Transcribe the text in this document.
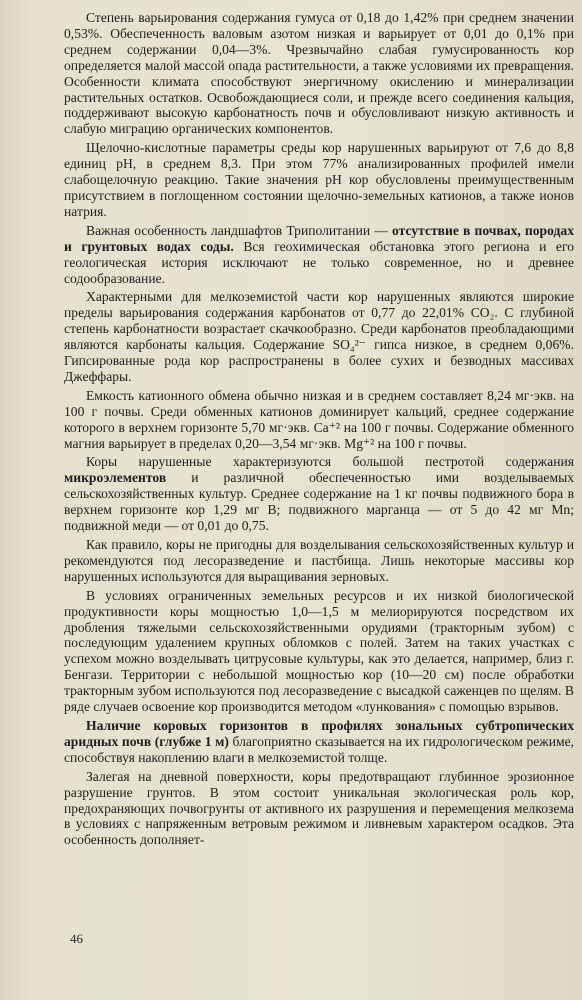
Степень варьирования содержания гумуса от 0,18 до 1,42% при среднем значении 0,53%. Обеспеченность валовым азотом низкая и варьирует от 0,01 до 0,1% при среднем содержании 0,04—3%. Чрезвычайно слабая гумусированность кор определяется малой массой опада растительности, а также условиями их превращения. Особенности климата способствуют энергичному окислению и минерализации растительных остатков. Освобождающиеся соли, и прежде всего соединения кальция, поддерживают высокую карбонатность почв и обусловливают низкую активность и слабую миграцию органических компонентов.

Щелочно-кислотные параметры среды кор нарушенных варьируют от 7,6 до 8,8 единиц pH, в среднем 8,3. При этом 77% анализированных профилей имели слабощелочную реакцию. Такие значения pH кор обусловлены преимущественным присутствием в поглощенном состоянии щелочно-земельных катионов, а также ионов натрия.

Важная особенность ландшафтов Триполитании — отсутствие в почвах, породах и грунтовых водах соды. Вся геохимическая обстановка этого региона и его геологическая история исключают не только современное, но и древнее содообразование.

Характерными для мелкоземистой части кор нарушенных являются широкие пределы варьирования содержания карбонатов от 0,77 до 22,01% CO₂. С глубиной степень карбонатности возрастает скачкообразно. Среди карбонатов преобладающими являются карбонаты кальция. Содержание SO₄²⁻ гипса низкое, в среднем 0,06%. Гипсированные рода кор распространены в более сухих и безводных массивах Джеффары.

Емкость катионного обмена обычно низкая и в среднем составляет 8,24 мг·экв. на 100 г почвы. Среди обменных катионов доминирует кальций, среднее содержание которого в верхнем горизонте 5,70 мг·экв. Ca⁺² на 100 г почвы. Содержание обменного магния варьирует в пределах 0,20—3,54 мг·экв. Mg⁺² на 100 г почвы.

Коры нарушенные характеризуются большой пестротой содержания микроэлементов и различной обеспеченностью ими возделываемых сельскохозяйственных культур. Среднее содержание на 1 кг почвы подвижного бора в верхнем горизонте кор 1,29 мг B; подвижного марганца — от 5 до 42 мг Mn; подвижной меди — от 0,01 до 0,75.

Как правило, коры не пригодны для возделывания сельскохозяйственных культур и рекомендуются под лесоразведение и пастбища. Лишь некоторые массивы кор нарушенных используются для выращивания зерновых.

В условиях ограниченных земельных ресурсов и их низкой биологической продуктивности коры мощностью 1,0—1,5 м мелиорируются посредством их дробления тяжелыми сельскохозяйственными орудиями (тракторным зубом) с последующим удалением крупных обломков с полей. Затем на таких участках с успехом можно возделывать цитрусовые культуры, как это делается, например, близ г. Бенгази. Территории с небольшой мощностью кор (10—20 см) после обработки тракторным зубом используются под лесоразведение с высадкой саженцев по щелям. В ряде случаев освоение кор производится методом «лункования» с помощью взрывов.

Наличие коровых горизонтов в профилях зональных субтропических аридных почв (глубже 1 м) благоприятно сказывается на их гидрологическом режиме, способствуя накоплению влаги в мелкоземистой толще.

Залегая на дневной поверхности, коры предотвращают глубинное эрозионное разрушение грунтов. В этом состоит уникальная экологическая роль кор, предохраняющих почвогрунты от активного их разрушения и перемещения мелкозема в условиях с напряженным ветровым режимом и ливневым характером осадков. Эта особенность дополняет-

46
